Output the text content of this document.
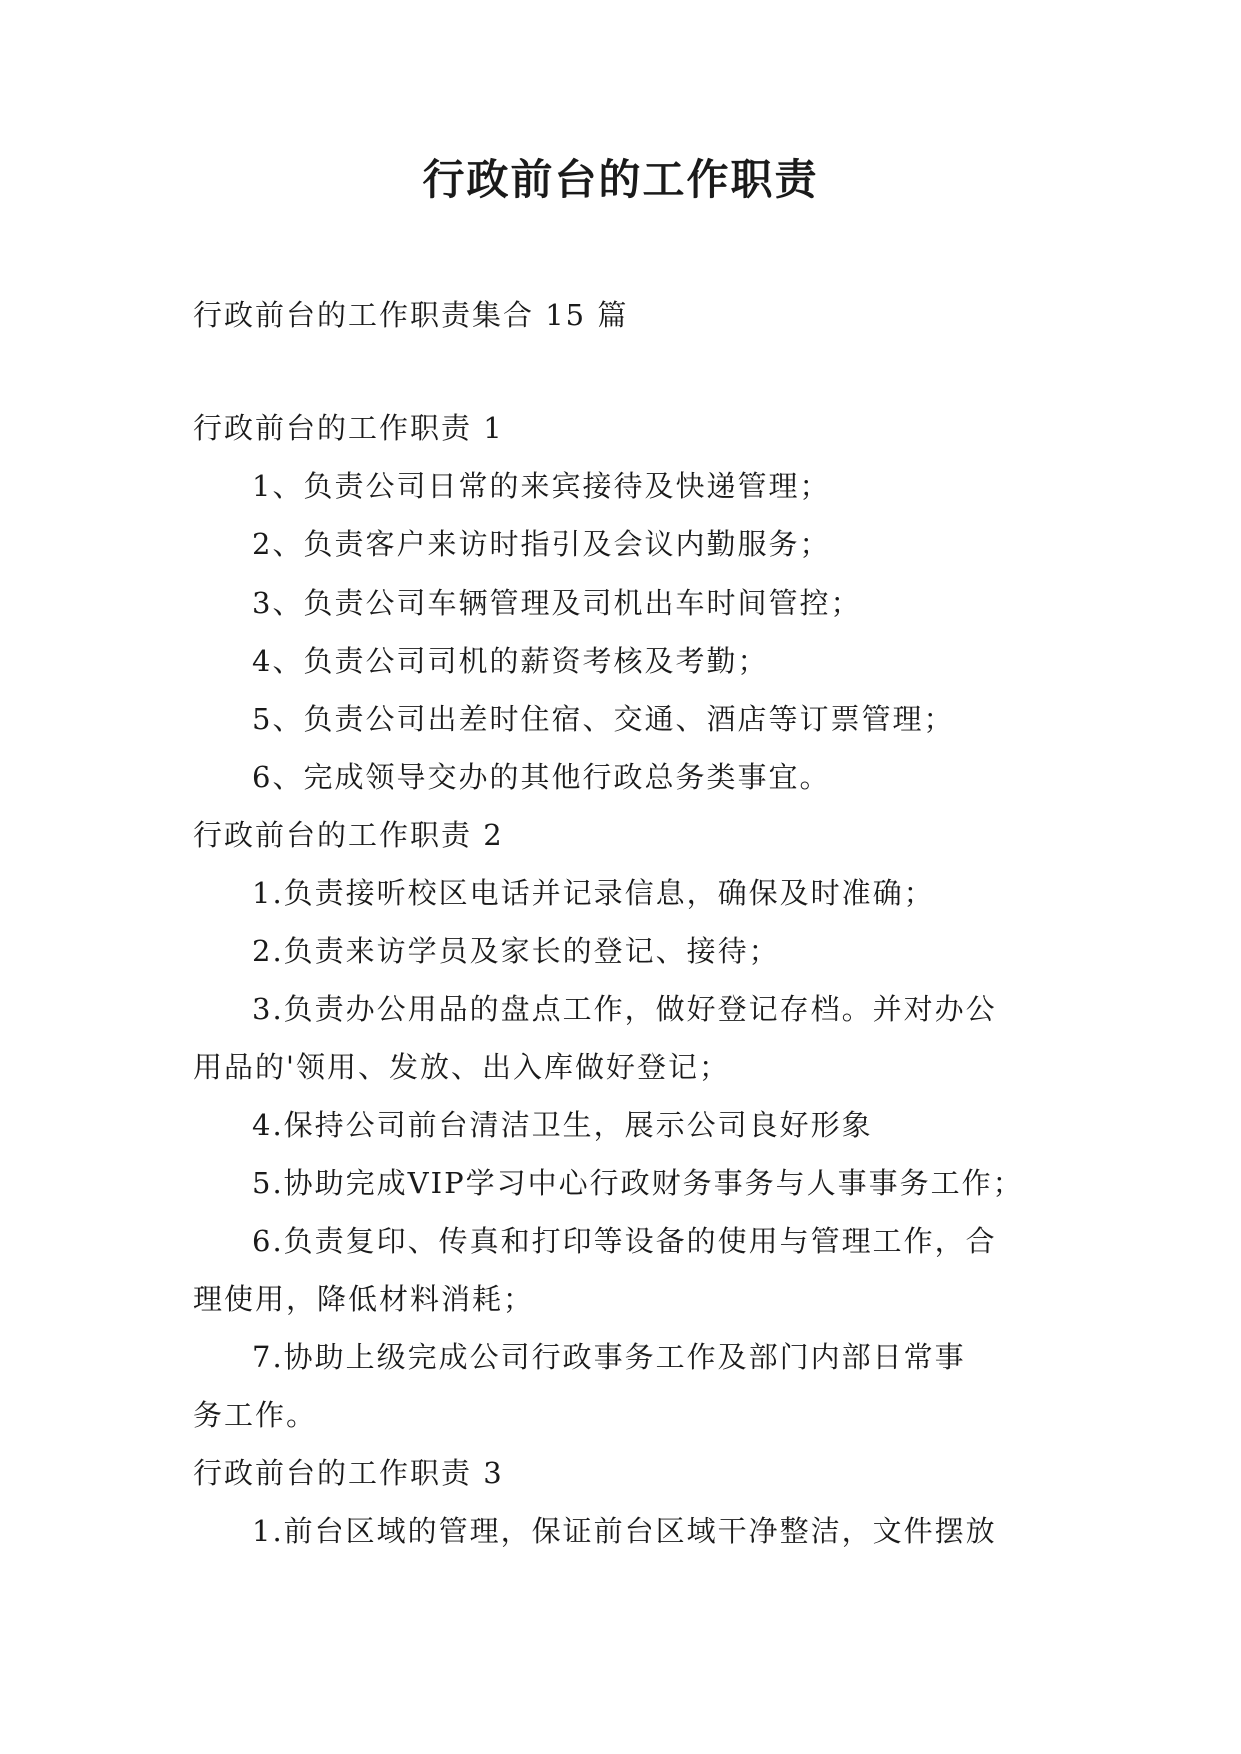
行政前台的工作职责

行政前台的工作职责集合 15 篇

行政前台的工作职责 1

1、负责公司日常的来宾接待及快递管理；

2、负责客户来访时指引及会议内勤服务；

3、负责公司车辆管理及司机出车时间管控；

4、负责公司司机的薪资考核及考勤；

5、负责公司出差时住宿、交通、酒店等订票管理；

6、完成领导交办的其他行政总务类事宜。

行政前台的工作职责 2

1.负责接听校区电话并记录信息，确保及时准确；

2.负责来访学员及家长的登记、接待；

3.负责办公用品的盘点工作，做好登记存档。并对办公

用品的'领用、发放、出入库做好登记；

4.保持公司前台清洁卫生，展示公司良好形象

5.协助完成VIP学习中心行政财务事务与人事事务工作；

6.负责复印、传真和打印等设备的使用与管理工作，合

理使用，降低材料消耗；

7.协助上级完成公司行政事务工作及部门内部日常事

务工作。

行政前台的工作职责 3

1.前台区域的管理，保证前台区域干净整洁，文件摆放
